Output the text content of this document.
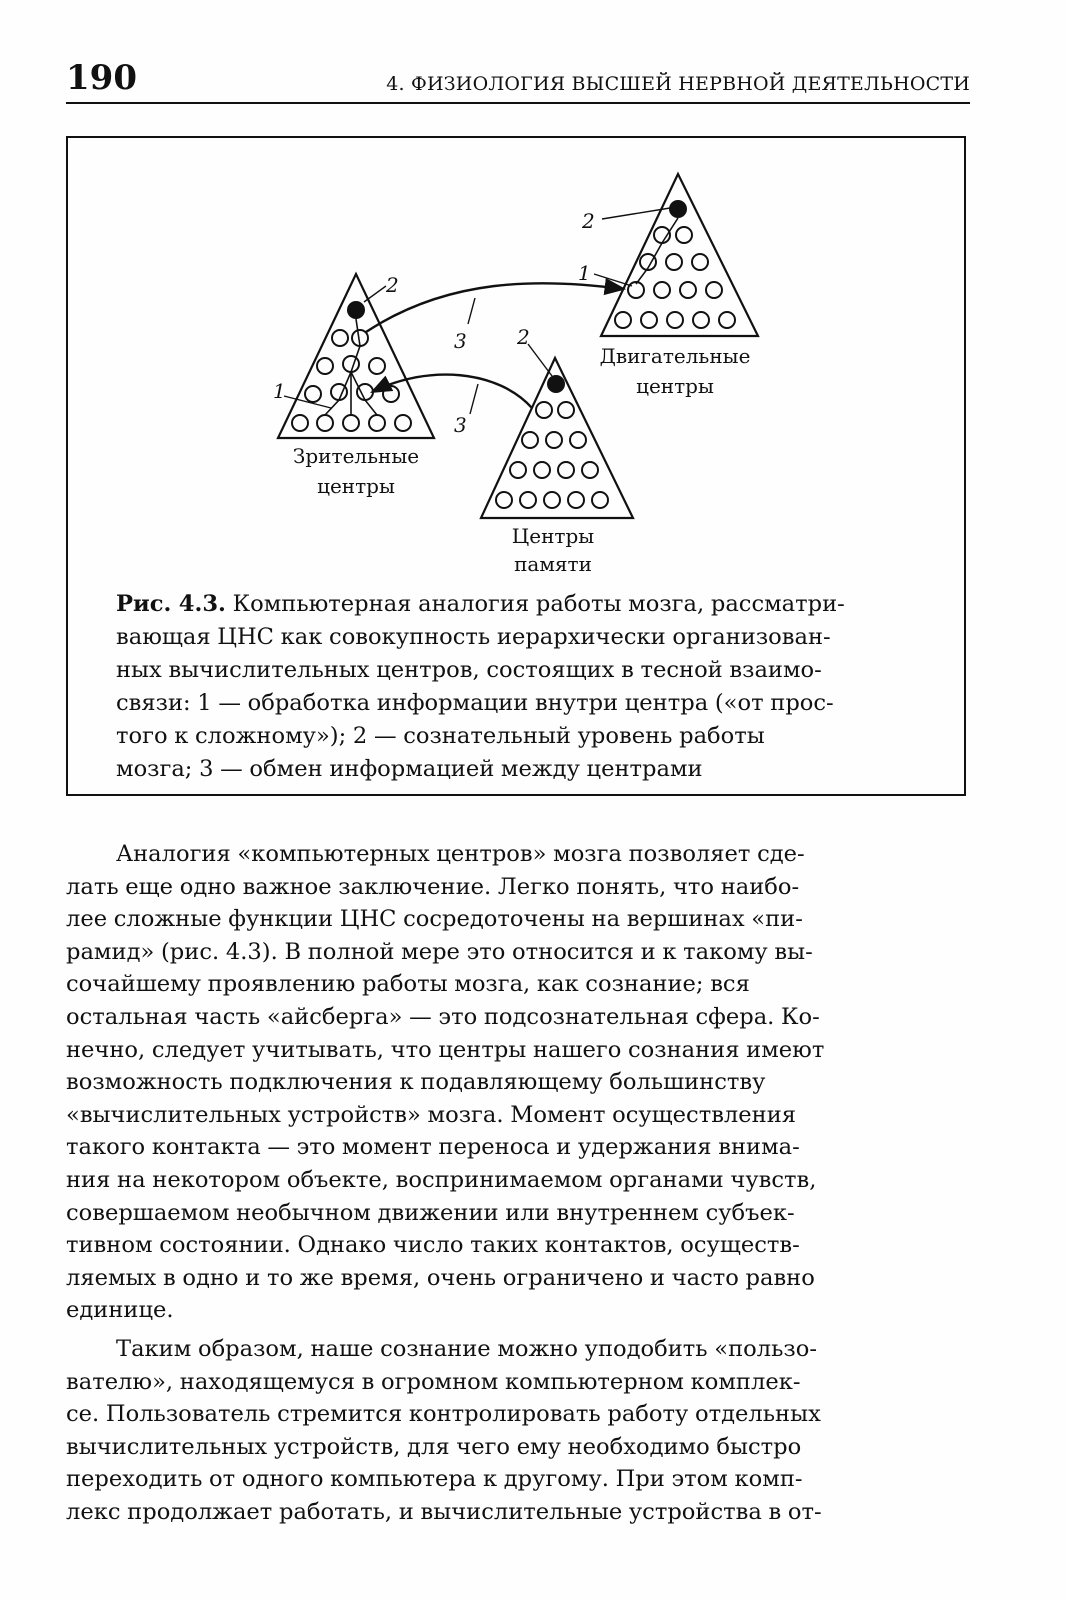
190	4. ФИЗИОЛОГИЯ ВЫСШЕЙ НЕРВНОЙ ДЕЯТЕЛЬНОСТИ
2
1
3
3
2
1
2
Зрительные
центры
Двигательные
центры
Центры
памяти
Рис. 4.3. Компьютерная аналогия работы мозга, рассматри-
вающая ЦНС как совокупность иерархически организован-
ных вычислительных центров, состоящих в тесной взаимо-
связи: 1 — обработка информации внутри центра («от прос-
того к сложному»); 2 — сознательный уровень работы
мозга; 3 — обмен информацией между центрами
Аналогия «компьютерных центров» мозга позволяет сде-
лать еще одно важное заключение. Легко понять, что наибо-
лее сложные функции ЦНС сосредоточены на вершинах «пи-
рамид» (рис. 4.3). В полной мере это относится и к такому вы-
сочайшему проявлению работы мозга, как сознание; вся
остальная часть «айсберга» — это подсознательная сфера. Ко-
нечно, следует учитывать, что центры нашего сознания имеют
возможность подключения к подавляющему большинству
«вычислительных устройств» мозга. Момент осуществления
такого контакта — это момент переноса и удержания внима-
ния на некотором объекте, воспринимаемом органами чувств,
совершаемом необычном движении или внутреннем субъек-
тивном состоянии. Однако число таких контактов, осуществ-
ляемых в одно и то же время, очень ограничено и часто равно
единице.
Таким образом, наше сознание можно уподобить «пользо-
вателю», находящемуся в огромном компьютерном комплек-
се. Пользователь стремится контролировать работу отдельных
вычислительных устройств, для чего ему необходимо быстро
переходить от одного компьютера к другому. При этом комп-
лекс продолжает работать, и вычислительные устройства в от-
